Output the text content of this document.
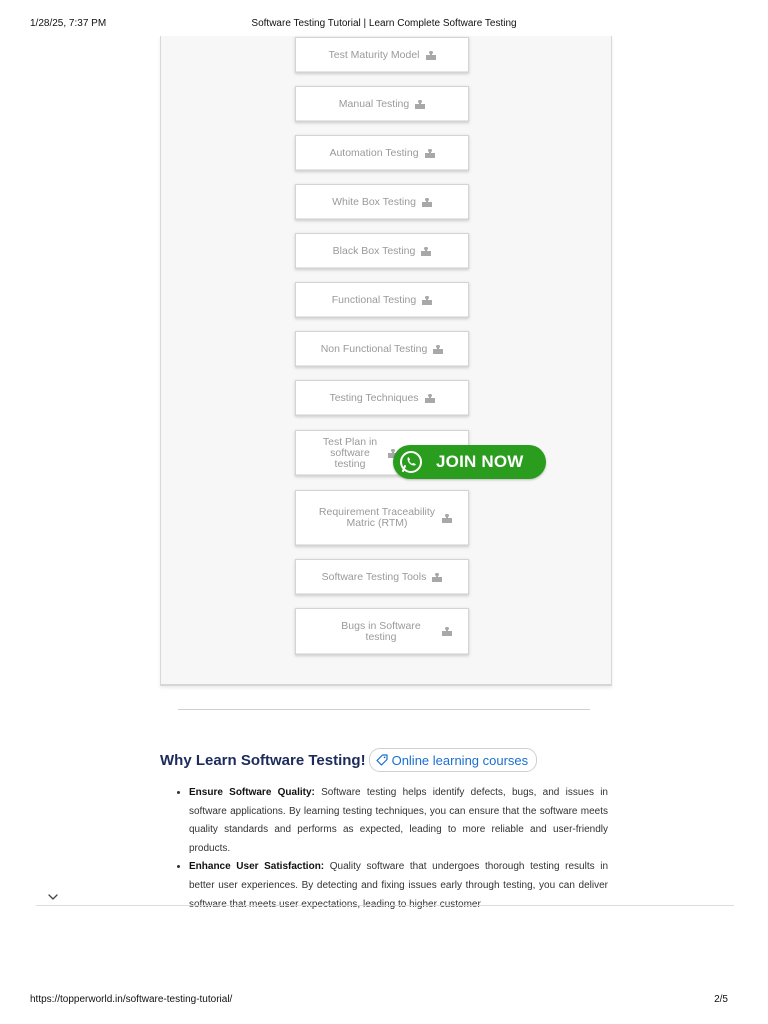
1/28/25, 7:37 PM	Software Testing Tutorial | Learn Complete Software Testing
Test Maturity Model
Manual Testing
Automation Testing
White Box Testing
Black Box Testing
Functional Testing
Non Functional Testing
Testing Techniques
Test Plan in software testing
Requirement Traceability Matric (RTM)
Software Testing Tools
Bugs in Software testing
JOIN NOW
Why Learn Software Testing! Online learning courses
• Ensure Software Quality: Software testing helps identify defects, bugs, and issues in software applications. By learning testing techniques, you can ensure that the software meets quality standards and performs as expected, leading to more reliable and user-friendly products.
• Enhance User Satisfaction: Quality software that undergoes thorough testing results in better user experiences. By detecting and fixing issues early through testing, you can deliver
https://topperworld.in/software-testing-tutorial/	2/5
